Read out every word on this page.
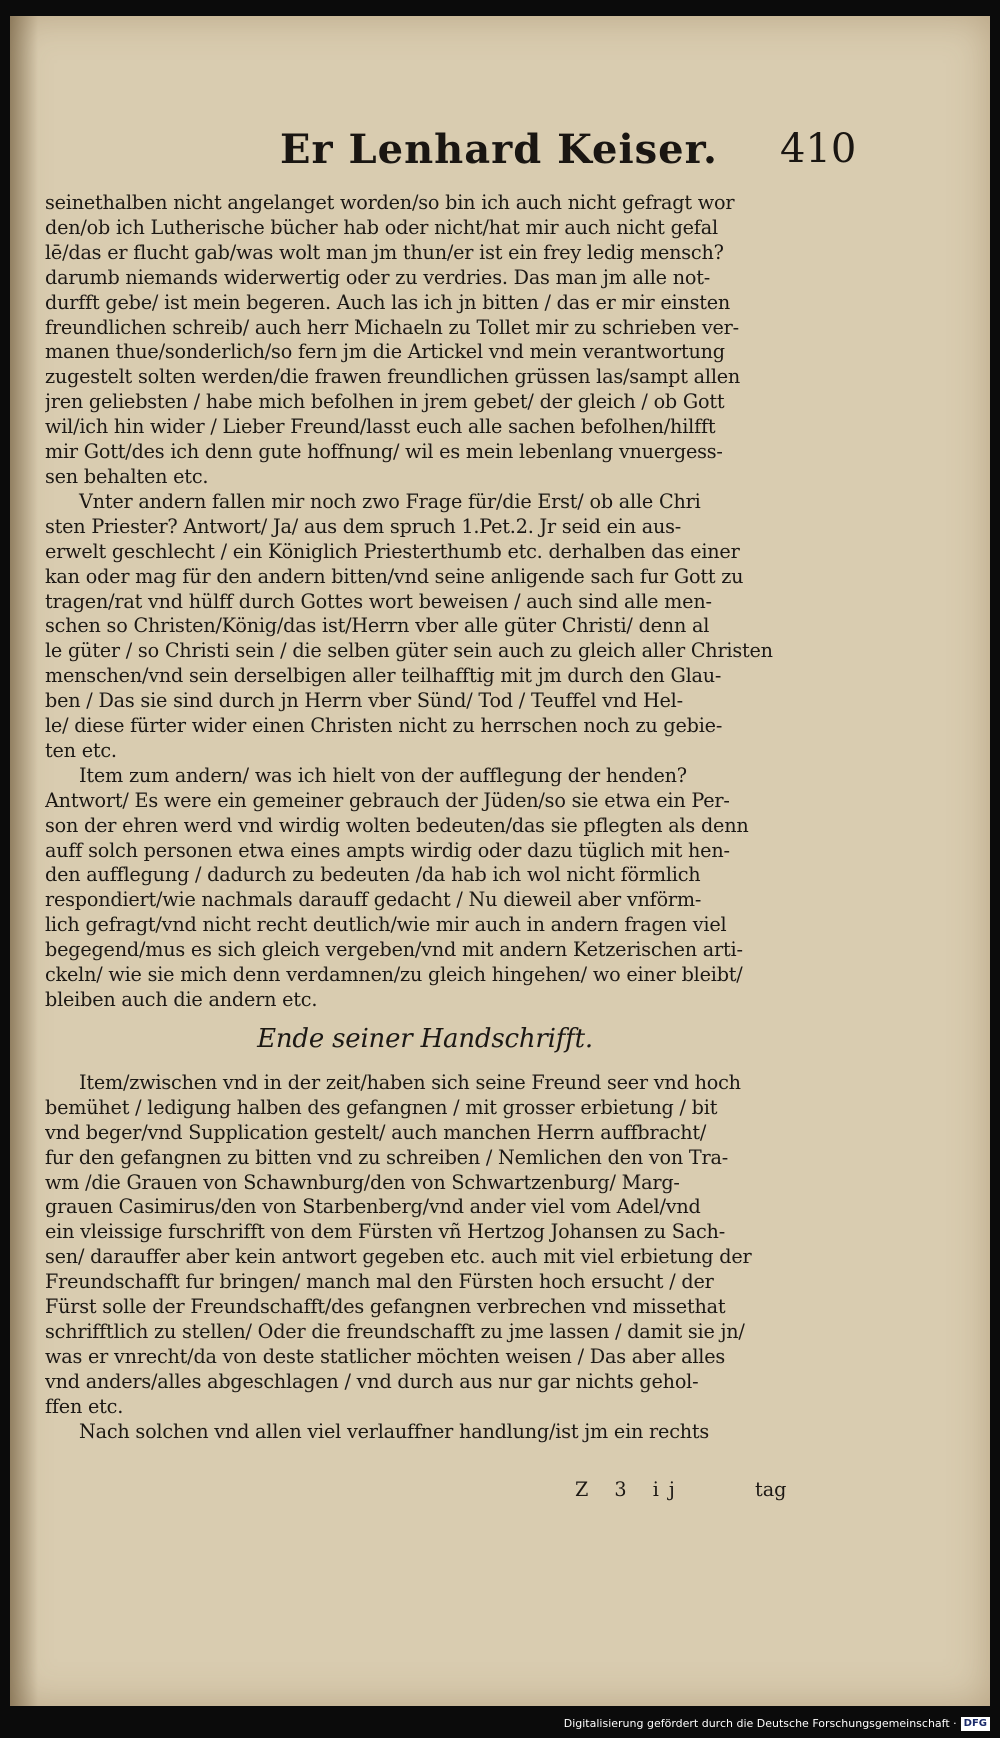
Er Lenhard Keiser. 410
seinethalben nicht angelanget worden/so bin ich auch nicht gefragt wor
den/ob ich Lutherische bücher hab oder nicht/hat mir auch nicht gefal
lē/das er flucht gab/was wolt man jm thun/er ist ein frey ledig mensch?
darumb niemands widerwertig oder zu verdries. Das man jm alle not-
durfft gebe/ ist mein begeren. Auch las ich jn bitten / das er mir einsten
freundlichen schreib/ auch herr Michaeln zu Tollet mir zu schrieben ver-
manen thue/sonderlich/so fern jm die Artickel vnd mein verantwortung
zugestelt solten werden/die frawen freundlichen grüssen las/sampt allen
jren geliebsten / habe mich befolhen in jrem gebet/ der gleich / ob Gott
wil/ich hin wider / Lieber Freund/lasst euch alle sachen befolhen/hilfft
mir Gott/des ich denn gute hoffnung/ wil es mein lebenlang vnuergess-
sen behalten etc.
Vnter andern fallen mir noch zwo Frage für/die Erst/ ob alle Chri
sten Priester? Antwort/ Ja/ aus dem spruch 1.Pet.2. Jr seid ein aus-
erwelt geschlecht / ein Königlich Priesterthumb etc. derhalben das einer
kan oder mag für den andern bitten/vnd seine anligende sach fur Gott zu
tragen/rat vnd hülff durch Gottes wort beweisen / auch sind alle men-
schen so Christen/König/das ist/Herrn vber alle güter Christi/ denn al
le güter / so Christi sein / die selben güter sein auch zu gleich aller Christen
menschen/vnd sein derselbigen aller teilhafftig mit jm durch den Glau-
ben / Das sie sind durch jn Herrn vber Sünd/ Tod / Teuffel vnd Hel-
le/ diese fürter wider einen Christen nicht zu herrschen noch zu gebie-
ten etc.
Item zum andern/ was ich hielt von der aufflegung der henden?
Antwort/ Es were ein gemeiner gebrauch der Jüden/so sie etwa ein Per-
son der ehren werd vnd wirdig wolten bedeuten/das sie pflegten als denn
auff solch personen etwa eines ampts wirdig oder dazu tüglich mit hen-
den aufflegung / dadurch zu bedeuten /da hab ich wol nicht förmlich
respondiert/wie nachmals darauff gedacht / Nu dieweil aber vnförm-
lich gefragt/vnd nicht recht deutlich/wie mir auch in andern fragen viel
begegend/mus es sich gleich vergeben/vnd mit andern Ketzerischen arti-
ckeln/ wie sie mich denn verdamnen/zu gleich hingehen/ wo einer bleibt/
bleiben auch die andern etc.
Ende seiner Handschrifft.
Item/zwischen vnd in der zeit/haben sich seine Freund seer vnd hoch
bemühet / ledigung halben des gefangnen / mit grosser erbietung / bit
vnd beger/vnd Supplication gestelt/ auch manchen Herrn auffbracht/
fur den gefangnen zu bitten vnd zu schreiben / Nemlichen den von Tra-
wm /die Grauen von Schawnburg/den von Schwartzenburg/ Marg-
grauen Casimirus/den von Starbenberg/vnd ander viel vom Adel/vnd
ein vleissige furschrifft von dem Fürsten vñ Hertzog Johansen zu Sach-
sen/ darauffer aber kein antwort gegeben etc. auch mit viel erbietung der
Freundschafft fur bringen/ manch mal den Fürsten hoch ersucht / der
Fürst solle der Freundschafft/des gefangnen verbrechen vnd missethat
schrifftlich zu stellen/ Oder die freundschafft zu jme lassen / damit sie jn/
was er vnrecht/da von deste statlicher möchten weisen / Das aber alles
vnd anders/alles abgeschlagen / vnd durch aus nur gar nichts gehol-
ffen etc.
Nach solchen vnd allen viel verlauffner handlung/ist jm ein rechts
Z 3 ij	tag
Digitalisierung gefördert durch die Deutsche Forschungsgemeinschaft · DFG
